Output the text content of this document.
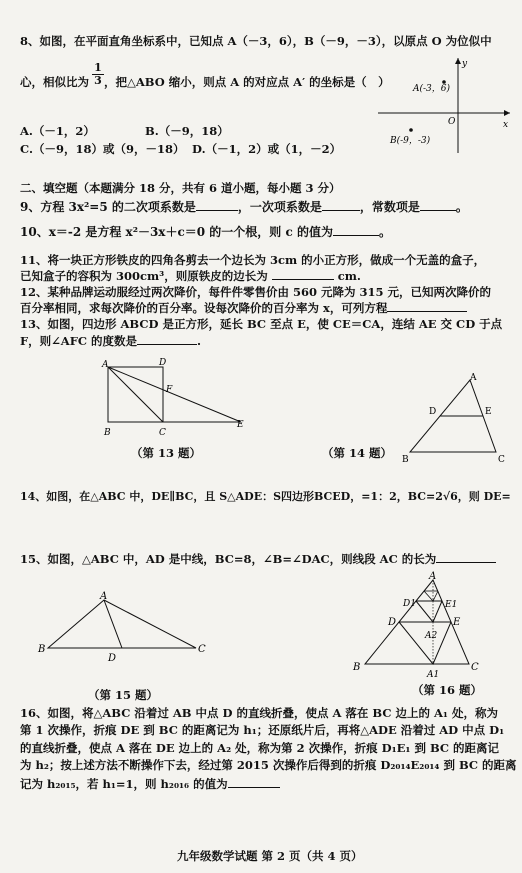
8、如图，在平面直角坐标系中，已知点 A（－3，6），B（－9，－3），以原点 O 为位似中
$\frac{1}{3}$
心，相似比为 ，把△ABO 缩小，则点 A 的对应点 A′ 的坐标是（　）
A.（－1，2）	B.（－9，18）
C.（－9，18）或（9，－18） D.（－1，2）或（1，－2）
A(-3，6)
B(-9，-3)
O	x
y
二、填空题（本题满分 18 分，共有 6 道小题，每小题 3 分）
9、方程 3x²=5 的二次项系数是	，一次项系数是	，常数项是	。
10、x＝-2 是方程 x²－3x＋c＝0 的一个根，则 c 的值为	。
11、将一块正方形铁皮的四角各剪去一个边长为 3cm 的小正方形，做成一个无盖的盒子，
已知盒子的容积为 300cm³，则原铁皮的边长为	cm.
12、某种品牌运动服经过两次降价，每件件零售价由 560 元降为 315 元，已知两次降价的
百分率相同，求每次降价的百分率。设每次降价的百分率为 x，可列方程
13、如图，四边形 ABCD 是正方形，延长 BC 至点 E，使 CE＝CA，连结 AE 交 CD 于点
F，则∠AFC 的度数是	.
A	D
F
B	C
E
（第 13 题）
A
D	E
B	C
（第 14 题）
14、如图，在△ABC 中，DE∥BC，且 S△ADE：S四边形BCED，=1：2，BC=2√6，则 DE=
15、如图，△ABC 中，AD 是中线，BC=8，∠B=∠DAC，则线段 AC 的长为
A
B	C
D
（第 15 题）
A
D1	E1
D	E
A2
B	C
A1
（第 16 题）
16、如图，将△ABC 沿着过 AB 中点 D 的直线折叠，使点 A 落在 BC 边上的 A₁ 处，称为
第 1 次操作，折痕 DE 到 BC 的距离记为 h₁；还原纸片后，再将△ADE 沿着过 AD 中点 D₁
的直线折叠，使点 A 落在 DE 边上的 A₂ 处，称为第 2 次操作，折痕 D₁E₁ 到 BC 的距离记
为 h₂；按上述方法不断操作下去，经过第 2015 次操作后得到的折痕 D₂₀₁₄E₂₀₁₄ 到 BC 的距离
记为 h₂₀₁₅，若 h₁=1，则 h₂₀₁₆ 的值为
九年级数学试题 第 2 页（共 4 页）
